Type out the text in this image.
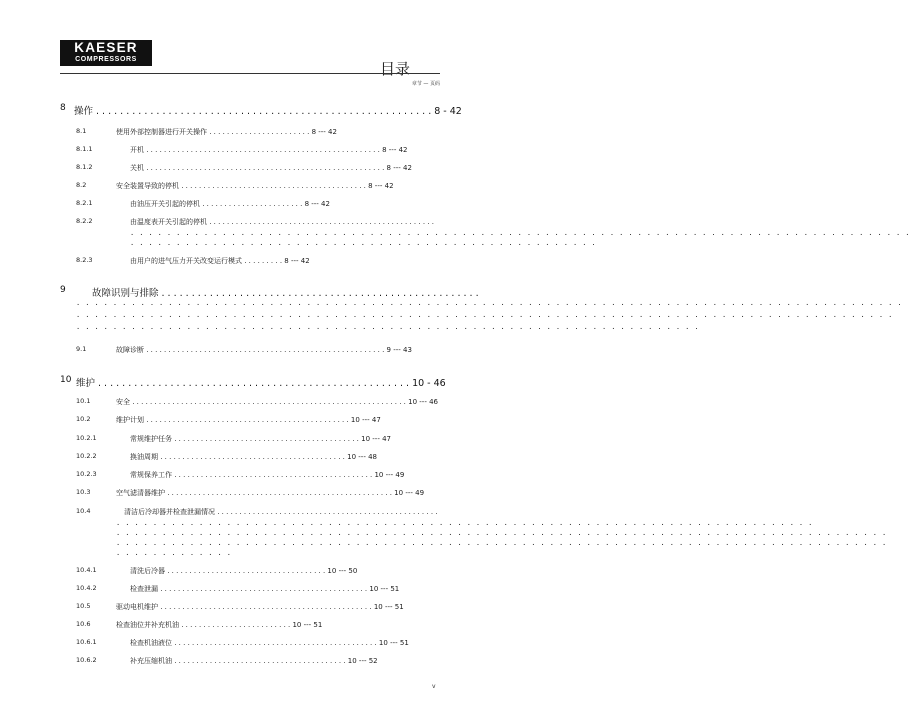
KAESER
COMPRESSORS
目录
章节 — 页码
8 操作 . . . . . . . . . . . . . . . . . . . . . . . . . . . . . . . . . . . . . . . . . . . . . . . . . . . . . . . . 8 - 42
8.1	使用外部控制器进行开关操作 . . . . . . . . . . . . . . . . . . . . . . . 8 --- 42
8.1.1	开机 . . . . . . . . . . . . . . . . . . . . . . . . . . . . . . . . . . . . . . . . . . . . . . . . . . . . . 8 --- 42
8.1.2	关机 . . . . . . . . . . . . . . . . . . . . . . . . . . . . . . . . . . . . . . . . . . . . . . . . . . . . . . 8 --- 42
8.2	安全装置导致的停机 . . . . . . . . . . . . . . . . . . . . . . . . . . . . . . . . . . . . . . . . . . 8 --- 42
8.2.1	由油压开关引起的停机 . . . . . . . . . . . . . . . . . . . . . . . 8 --- 42
8.2.2	由温度表开关引起的停机 . . . . . . . . . . . . . . . . . . . . . . . . . . . . . . . . . . . . . . . . . . . . . . . . . . .
. . . . . . . . . . . . . . . . . . . . . . . . . . . . . . . . . . . . . . . . . . . . . . . . . . . . . . . . . . . . . . . . . . . . . . . . . . . . . . . . . . . . .
. . . . . . . . . . . . . . . . . . . . . . . . . . . . . . . . . . . . . . . . . . . . . . . . . . .
8.2.3	由用户的进气压力开关改变运行模式 . . . . . . . . . 8 --- 42
9	故障识别与排除 . . . . . . . . . . . . . . . . . . . . . . . . . . . . . . . . . . . . . . . . . . . . . . . . . . . . .
. . . . . . . . . . . . . . . . . . . . . . . . . . . . . . . . . . . . . . . . . . . . . . . . . . . . . . . . . . . . . . . . . . . . . . . . . . . . . . . . . . . . . . . . . .
. . . . . . . . . . . . . . . . . . . . . . . . . . . . . . . . . . . . . . . . . . . . . . . . . . . . . . . . . . . . . . . . . . . . . . . . . . . . . . . . . . . . . . . . .
. . . . . . . . . . . . . . . . . . . . . . . . . . . . . . . . . . . . . . . . . . . . . . . . . . . . . . . . . . . . . . . . . . . .
9.1	故障诊断 . . . . . . . . . . . . . . . . . . . . . . . . . . . . . . . . . . . . . . . . . . . . . . . . . . . . . . 9 --- 43
10 维护 . . . . . . . . . . . . . . . . . . . . . . . . . . . . . . . . . . . . . . . . . . . . . . . . . . . . 10 - 46
10.1	安全 . . . . . . . . . . . . . . . . . . . . . . . . . . . . . . . . . . . . . . . . . . . . . . . . . . . . . . . . . . . . . . 10 --- 46
10.2	维护计划 . . . . . . . . . . . . . . . . . . . . . . . . . . . . . . . . . . . . . . . . . . . . . . 10 --- 47
10.2.1	常规维护任务 . . . . . . . . . . . . . . . . . . . . . . . . . . . . . . . . . . . . . . . . . . 10 --- 47
10.2.2	换油周期 . . . . . . . . . . . . . . . . . . . . . . . . . . . . . . . . . . . . . . . . . . 10 --- 48
10.2.3	常规保养工作 . . . . . . . . . . . . . . . . . . . . . . . . . . . . . . . . . . . . . . . . . . . . . 10 --- 49
10.3	空气滤清器维护 . . . . . . . . . . . . . . . . . . . . . . . . . . . . . . . . . . . . . . . . . . . . . . . . . . . 10 --- 49
10.4	清洁后冷却器并检查泄漏情况 . . . . . . . . . . . . . . . . . . . . . . . . . . . . . . . . . . . . . . . . . . . . . . . . . .
. . . . . . . . . . . . . . . . . . . . . . . . . . . . . . . . . . . . . . . . . . . . . . . . . . . . . . . . . . . . . . . . . . . . . . . . . . . .
. . . . . . . . . . . . . . . . . . . . . . . . . . . . . . . . . . . . . . . . . . . . . . . . . . . . . . . . . . . . . . . . . . . . . . . . . . . . . . . . . . . .
. . . . . . . . . . . . . . . . . . . . . . . . . . . . . . . . . . . . . . . . . . . . . . . . . . . . . . . . . . . . . . . . . . . . . . . . . . . . . . . . . . . .
. . . . . . . . . . . . .
10.4.1	清洗后冷器 . . . . . . . . . . . . . . . . . . . . . . . . . . . . . . . . . . . . 10 --- 50
10.4.2	检查泄漏 . . . . . . . . . . . . . . . . . . . . . . . . . . . . . . . . . . . . . . . . . . . . . . . 10 --- 51
10.5	驱动电机维护 . . . . . . . . . . . . . . . . . . . . . . . . . . . . . . . . . . . . . . . . . . . . . . . . 10 --- 51
10.6	检查油位并补充机油 . . . . . . . . . . . . . . . . . . . . . . . . . 10 --- 51
10.6.1	检查机油液位 . . . . . . . . . . . . . . . . . . . . . . . . . . . . . . . . . . . . . . . . . . . . . . 10 --- 51
10.6.2	补充压缩机油 . . . . . . . . . . . . . . . . . . . . . . . . . . . . . . . . . . . . . . . 10 --- 52
v
